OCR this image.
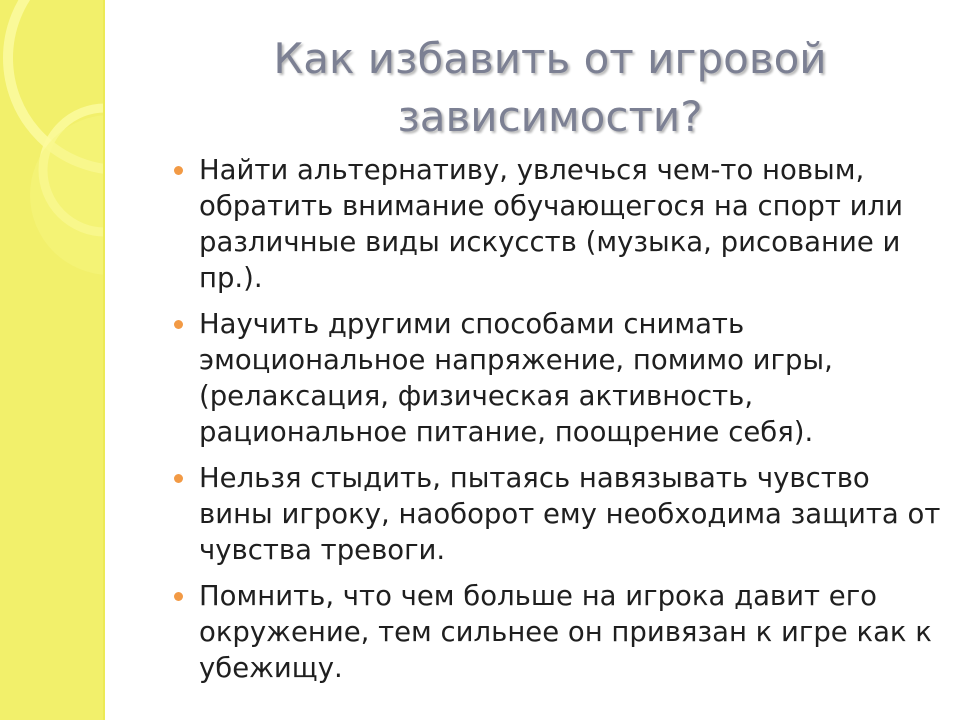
Как избавить от игровой
зависимости?
Найти альтернативу, увлечься чем-то новым, обратить внимание обучающегося на спорт или различные виды искусств (музыка, рисование и пр.).
Научить другими способами снимать эмоциональное напряжение, помимо игры, (релаксация, физическая активность, рациональное питание, поощрение себя).
Нельзя стыдить, пытаясь навязывать чувство вины игроку, наоборот ему необходима защита от чувства тревоги.
Помнить, что чем больше на игрока давит его окружение, тем сильнее он привязан к игре как к убежищу.
